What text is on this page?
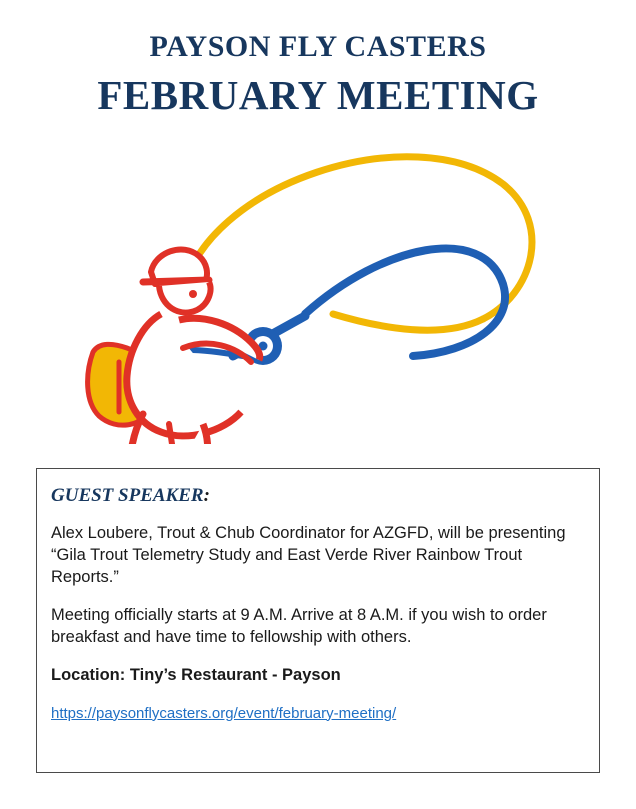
PAYSON FLY CASTERS
FEBRUARY MEETING

GUEST SPEAKER:

Alex Loubere, Trout & Chub Coordinator for AZGFD, will be presenting “Gila Trout Telemetry Study and East Verde River Rainbow Trout Reports.”

Meeting officially starts at 9 A.M. Arrive at 8 A.M. if you wish to order breakfast and have time to fellowship with others.

Location: Tiny’s Restaurant - Payson

https://paysonflycasters.org/event/february-meeting/
